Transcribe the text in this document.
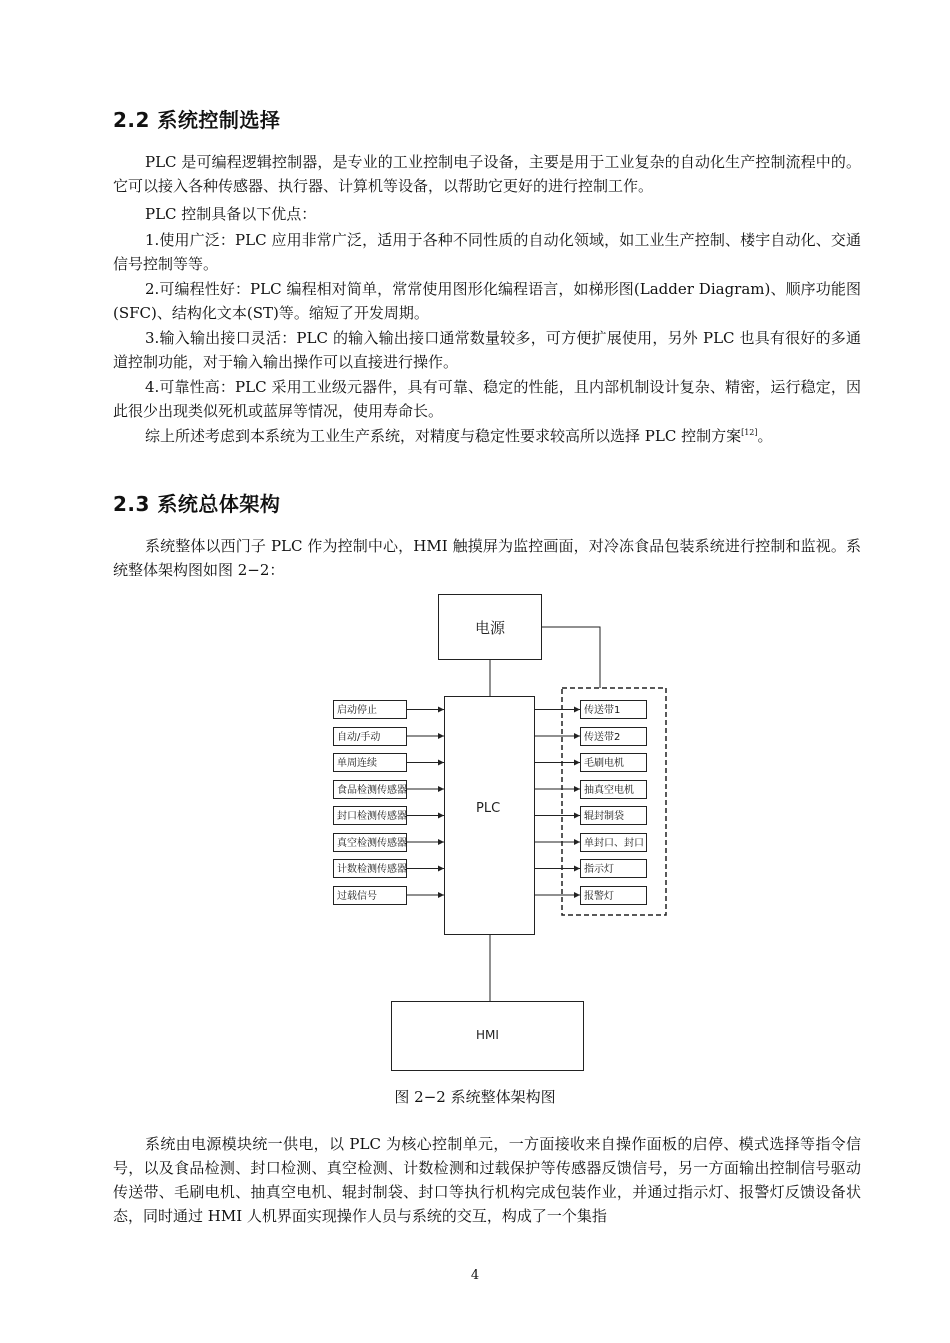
2.2 系统控制选择

PLC 是可编程逻辑控制器，是专业的工业控制电子设备，主要是用于工业复杂的自动化生产控制流程中的。它可以接入各种传感器、执行器、计算机等设备，以帮助它更好的进行控制工作。

PLC 控制具备以下优点：

1.使用广泛：PLC 应用非常广泛，适用于各种不同性质的自动化领域，如工业生产控制、楼宇自动化、交通信号控制等等。

2.可编程性好：PLC 编程相对简单，常常使用图形化编程语言，如梯形图(Ladder Diagram)、顺序功能图(SFC)、结构化文本(ST)等。缩短了开发周期。

3.输入输出接口灵活：PLC 的输入输出接口通常数量较多，可方便扩展使用，另外 PLC 也具有很好的多通道控制功能，对于输入输出操作可以直接进行操作。

4.可靠性高：PLC 采用工业级元器件，具有可靠、稳定的性能，且内部机制设计复杂、精密，运行稳定，因此很少出现类似死机或蓝屏等情况，使用寿命长。

综上所述考虑到本系统为工业生产系统，对精度与稳定性要求较高所以选择 PLC 控制方案[12]。

2.3 系统总体架构

系统整体以西门子 PLC 作为控制中心，HMI 触摸屏为监控画面，对冷冻食品包装系统进行控制和监视。系统整体架构图如图 2−2：

电源
PLC
HMI
启动停止
自动/手动
单周连续
食品检测传感器
封口检测传感器
真空检测传感器
计数检测传感器
过载信号
传送带1
传送带2
毛刷电机
抽真空电机
辊封制袋
单封口、封口
指示灯
报警灯

图 2−2 系统整体架构图

系统由电源模块统一供电，以 PLC 为核心控制单元，一方面接收来自操作面板的启停、模式选择等指令信号，以及食品检测、封口检测、真空检测、计数检测和过载保护等传感器反馈信号，另一方面输出控制信号驱动传送带、毛刷电机、抽真空电机、辊封制袋、封口等执行机构完成包装作业，并通过指示灯、报警灯反馈设备状态，同时通过 HMI 人机界面实现操作人员与系统的交互，构成了一个集指

4
